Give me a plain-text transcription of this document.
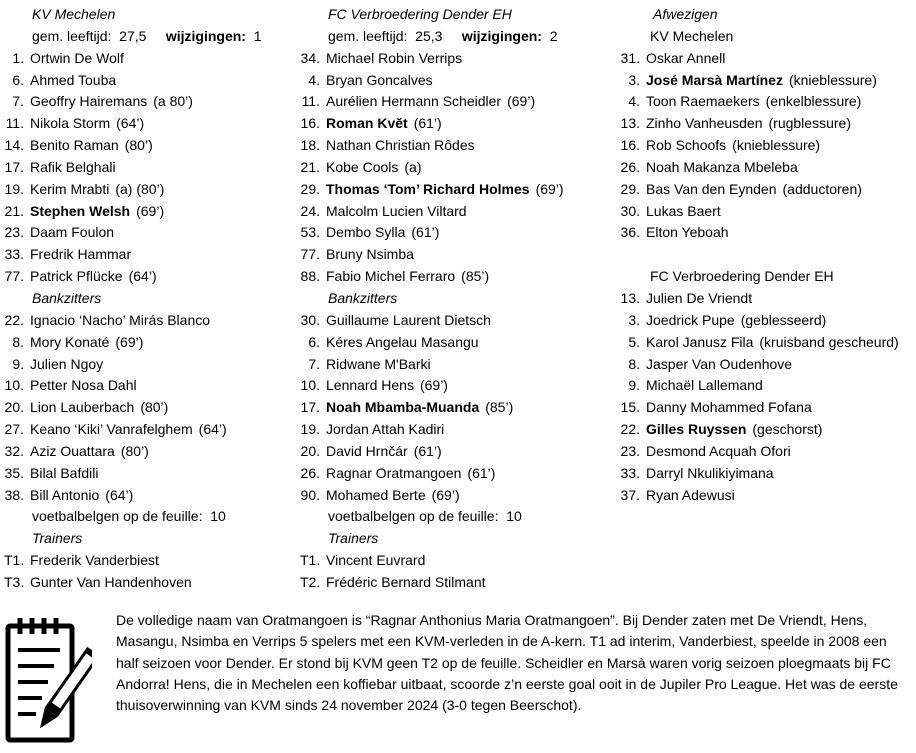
KV Mechelen
gem. leeftijd: 27,5 wijzigingen: 1
1. Ortwin De Wolf
6. Ahmed Touba
7. Geoffry Hairemans (a 80’)
11. Nikola Storm (64’)
14. Benito Raman (80’)
17. Rafik Belghali
19. Kerim Mrabti (a) (80’)
21. Stephen Welsh (69’)
23. Daam Foulon
33. Fredrik Hammar
77. Patrick Pflücke (64’)
Bankzitters
22. Ignacio ‘Nacho’ Mirás Blanco
8. Mory Konaté (69’)
9. Julien Ngoy
10. Petter Nosa Dahl
20. Lion Lauberbach (80’)
27. Keano ‘Kiki’ Vanrafelghem (64’)
32. Aziz Ouattara (80’)
35. Bilal Bafdili
38. Bill Antonio (64’)
voetbalbelgen op de feuille: 10
Trainers
T1. Frederik Vanderbiest
T3. Gunter Van Handenhoven
FC Verbroedering Dender EH
gem. leeftijd: 25,3 wijzigingen: 2
34. Michael Robin Verrips
4. Bryan Goncalves
11. Aurélien Hermann Scheidler (69’)
16. Roman Kvĕt (61’)
18. Nathan Christian Rôdes
21. Kobe Cools (a)
29. Thomas ‘Tom’ Richard Holmes (69’)
24. Malcolm Lucien Viltard
53. Dembo Sylla (61’)
77. Bruny Nsimba
88. Fabio Michel Ferraro (85’)
Bankzitters
30. Guillaume Laurent Dietsch
6. Kéres Angelau Masangu
7. Ridwane M'Barki
10. Lennard Hens (69’)
17. Noah Mbamba-Muanda (85’)
19. Jordan Attah Kadiri
20. David Hrnčár (61’)
26. Ragnar Oratmangoen (61’)
90. Mohamed Berte (69’)
voetbalbelgen op de feuille: 10
Trainers
T1. Vincent Euvrard
T2. Frédéric Bernard Stilmant
Afwezigen
KV Mechelen
31. Oskar Annell
3. José Marsà Martínez (knieblessure)
4. Toon Raemaekers (enkelblessure)
13. Zinho Vanheusden (rugblessure)
16. Rob Schoofs (knieblessure)
26. Noah Makanza Mbeleba
29. Bas Van den Eynden (adductoren)
30. Lukas Baert
36. Elton Yeboah
FC Verbroedering Dender EH
13. Julien De Vriendt
3. Joedrick Pupe (geblesseerd)
5. Karol Janusz Fila (kruisband gescheurd)
8. Jasper Van Oudenhove
9. Michaël Lallemand
15. Danny Mohammed Fofana
22. Gilles Ruyssen (geschorst)
23. Desmond Acquah Ofori
33. Darryl Nkulikiyimana
37. Ryan Adewusi
De volledige naam van Oratmangoen is “Ragnar Anthonius Maria Oratmangoen”. Bij Dender zaten met De Vriendt, Hens, Masangu, Nsimba en Verrips 5 spelers met een KVM-verleden in de A-kern. T1 ad interim, Vanderbiest, speelde in 2008 een half seizoen voor Dender. Er stond bij KVM geen T2 op de feuille. Scheidler en Marsà waren vorig seizoen ploegmaats bij FC Andorra! Hens, die in Mechelen een koffiebar uitbaat, scoorde z’n eerste goal ooit in de Jupiler Pro League. Het was de eerste thuisoverwinning van KVM sinds 24 november 2024 (3-0 tegen Beerschot).
